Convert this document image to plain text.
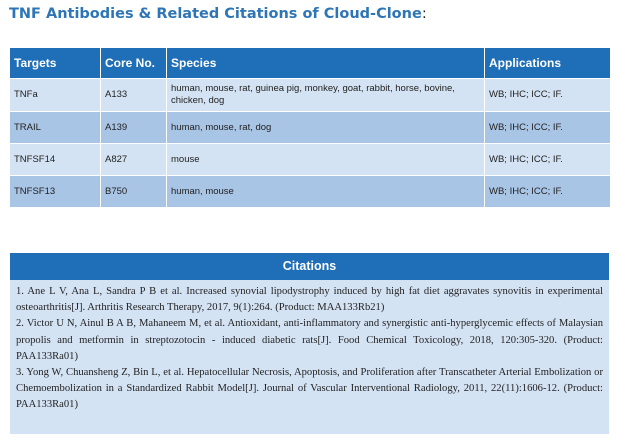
TNF Antibodies & Related Citations of Cloud-Clone:
Targets	Core No.	Species	Applications
TNFa	A133	human, mouse, rat, guinea pig, monkey, goat, rabbit, horse, bovine, chicken, dog	WB; IHC; ICC; IF.
TRAIL	A139	human, mouse, rat, dog	WB; IHC; ICC; IF.
TNFSF14	A827	mouse	WB; IHC; ICC; IF.
TNFSF13	B750	human, mouse	WB; IHC; ICC; IF.
Citations
1. Ane L V, Ana L, Sandra P B et al. Increased synovial lipodystrophy induced by high fat diet aggravates synovitis in experimental osteoarthritis[J]. Arthritis Research Therapy, 2017, 9(1):264. (Product: MAA133Rb21)
2. Victor U N, Ainul B A B, Mahaneem M, et al. Antioxidant, anti-inflammatory and synergistic anti-hyperglycemic effects of Malaysian propolis and metformin in streptozotocin - induced diabetic rats[J]. Food Chemical Toxicology, 2018, 120:305-320. (Product: PAA133Ra01)
3. Yong W, Chuansheng Z, Bin L, et al. Hepatocellular Necrosis, Apoptosis, and Proliferation after Transcatheter Arterial Embolization or Chemoembolization in a Standardized Rabbit Model[J]. Journal of Vascular Interventional Radiology, 2011, 22(11):1606-12. (Product: PAA133Ra01)
